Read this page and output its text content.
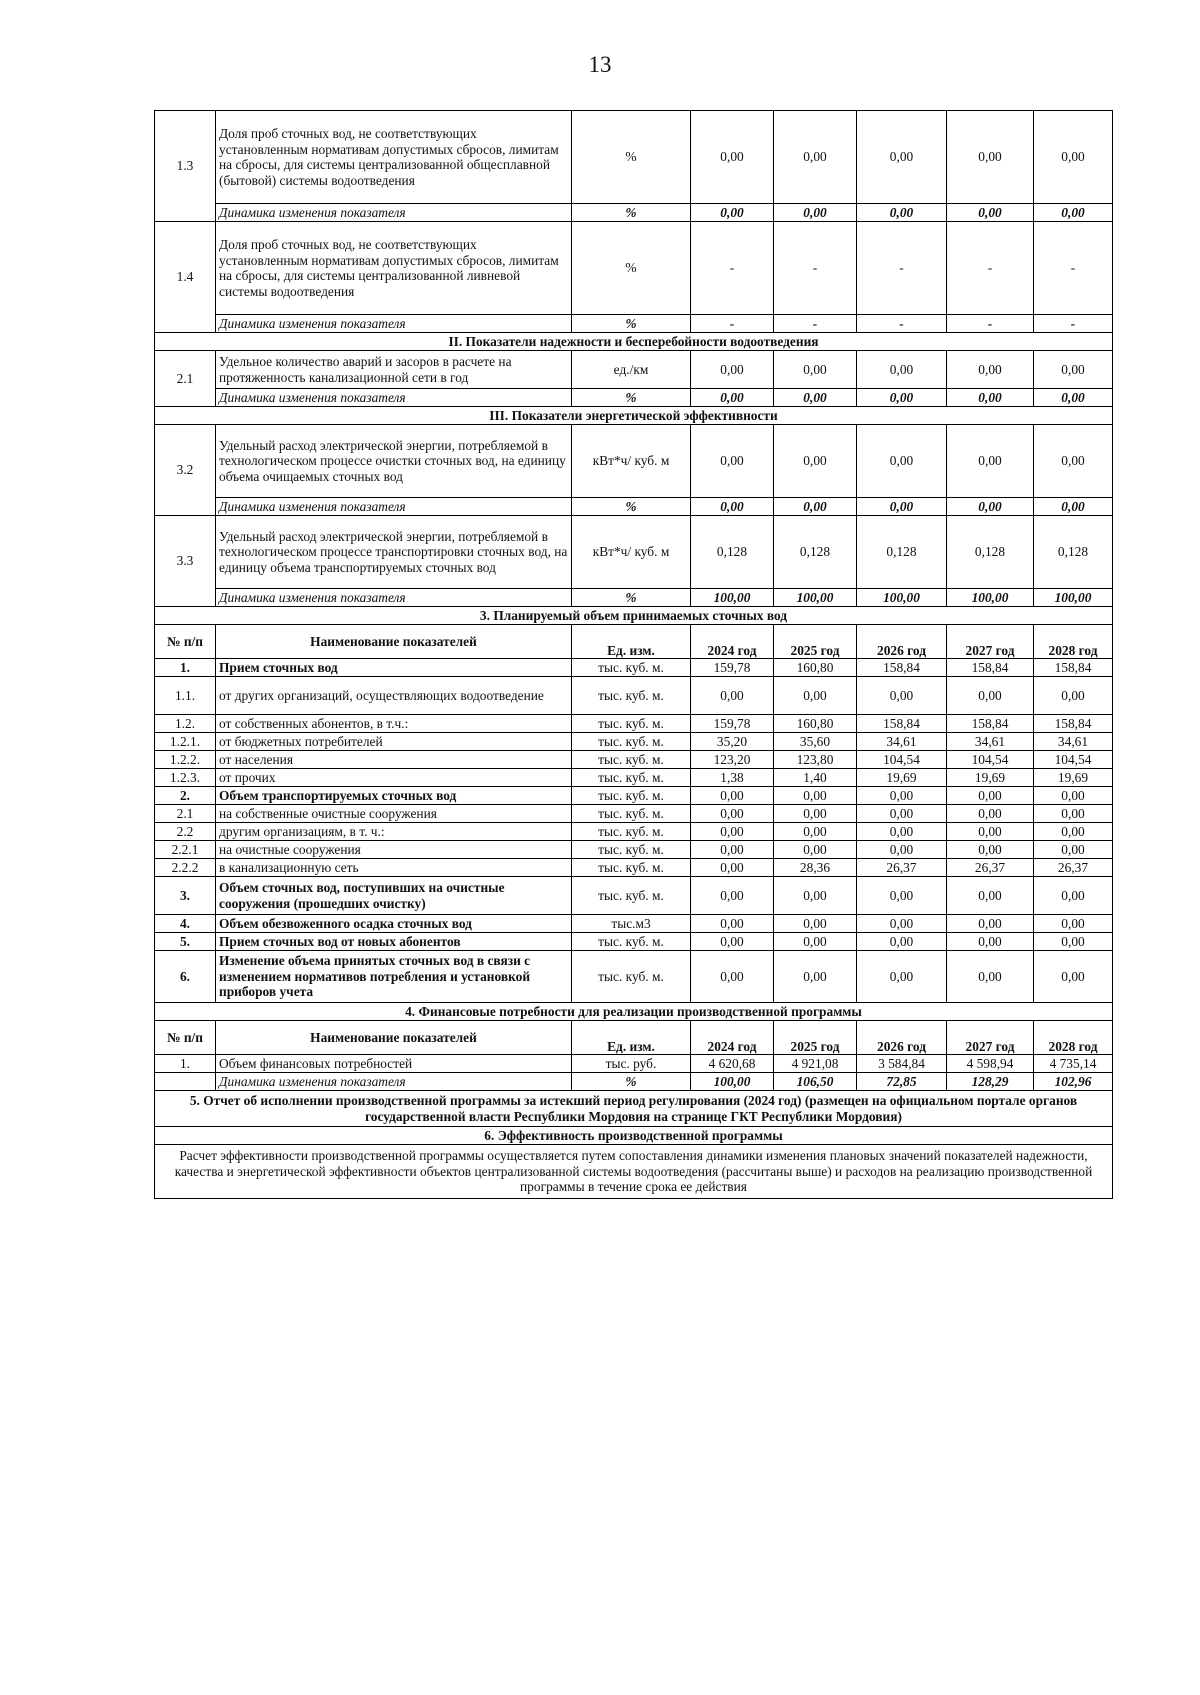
13
1.3	Доля проб сточных вод, не соответствующих установленным нормативам допустимых сбросов, лимитам на сбросы, для системы централизованной общесплавной (бытовой) системы водоотведения	%	0,00	0,00	0,00	0,00	0,00
	Динамика изменения показателя	%	0,00	0,00	0,00	0,00	0,00
1.4	Доля проб сточных вод, не соответствующих установленным нормативам допустимых сбросов, лимитам на сбросы, для системы централизованной ливневой системы водоотведения	%	-	-	-	-	-
	Динамика изменения показателя	%	-	-	-	-	-
II. Показатели надежности и бесперебойности водоотведения							
2.1	Удельное количество аварий и засоров в расчете на протяженность канализационной сети в год	ед./км	0,00	0,00	0,00	0,00	0,00
	Динамика изменения показателя	%	0,00	0,00	0,00	0,00	0,00
III. Показатели энергетической эффективности							
3.2	Удельный расход электрической энергии, потребляемой в технологическом процессе очистки сточных вод, на единицу объема очищаемых сточных вод	кВт*ч/ куб. м	0,00	0,00	0,00	0,00	0,00
	Динамика изменения показателя	%	0,00	0,00	0,00	0,00	0,00
3.3	Удельный расход электрической энергии, потребляемой в технологическом процессе транспортировки сточных вод, на единицу объема транспортируемых сточных вод	кВт*ч/ куб. м	0,128	0,128	0,128	0,128	0,128
	Динамика изменения показателя	%	100,00	100,00	100,00	100,00	100,00
3. Планируемый объем принимаемых сточных вод							
№ п/п	Наименование показателей	Ед. изм.	2024 год	2025 год	2026 год	2027 год	2028 год
1.	Прием сточных вод	тыс. куб. м.	159,78	160,80	158,84	158,84	158,84
1.1.	от других организаций, осуществляющих водоотведение	тыс. куб. м.	0,00	0,00	0,00	0,00	0,00
1.2.	от собственных абонентов, в т.ч.:	тыс. куб. м.	159,78	160,80	158,84	158,84	158,84
1.2.1.	от бюджетных потребителей	тыс. куб. м.	35,20	35,60	34,61	34,61	34,61
1.2.2.	от населения	тыс. куб. м.	123,20	123,80	104,54	104,54	104,54
1.2.3.	от прочих	тыс. куб. м.	1,38	1,40	19,69	19,69	19,69
2.	Объем транспортируемых сточных вод	тыс. куб. м.	0,00	0,00	0,00	0,00	0,00
2.1	на собственные очистные сооружения	тыс. куб. м.	0,00	0,00	0,00	0,00	0,00
2.2	другим организациям, в т. ч.:	тыс. куб. м.	0,00	0,00	0,00	0,00	0,00
2.2.1	на очистные сооружения	тыс. куб. м.	0,00	0,00	0,00	0,00	0,00
2.2.2	в канализационную сеть	тыс. куб. м.	0,00	28,36	26,37	26,37	26,37
3.	Объем сточных вод, поступивших на очистные сооружения (прошедших очистку)	тыс. куб. м.	0,00	0,00	0,00	0,00	0,00
4.	Объем обезвоженного осадка сточных вод	тыс.м3	0,00	0,00	0,00	0,00	0,00
5.	Прием сточных вод от новых абонентов	тыс. куб. м.	0,00	0,00	0,00	0,00	0,00
6.	Изменение объема принятых сточных вод в связи с изменением нормативов потребления и установкой приборов учета	тыс. куб. м.	0,00	0,00	0,00	0,00	0,00
4. Финансовые потребности для реализации производственной программы							
№ п/п	Наименование показателей	Ед. изм.	2024 год	2025 год	2026 год	2027 год	2028 год
1.	Объем финансовых потребностей	тыс. руб.	4 620,68	4 921,08	3 584,84	4 598,94	4 735,14
	Динамика изменения показателя	%	100,00	106,50	72,85	128,29	102,96
5. Отчет об исполнении производственной программы за истекший период регулирования (2024 год) (размещен на официальном портале органов государственной власти Республики Мордовия на странице ГКТ Республики Мордовия)							
6. Эффективность производственной программы							
Расчет эффективности производственной программы осуществляется путем сопоставления динамики изменения плановых значений показателей надежности, качества и энергетической эффективности объектов централизованной системы водоотведения (рассчитаны выше) и расходов на реализацию производственной программы в течение срока ее действия							
